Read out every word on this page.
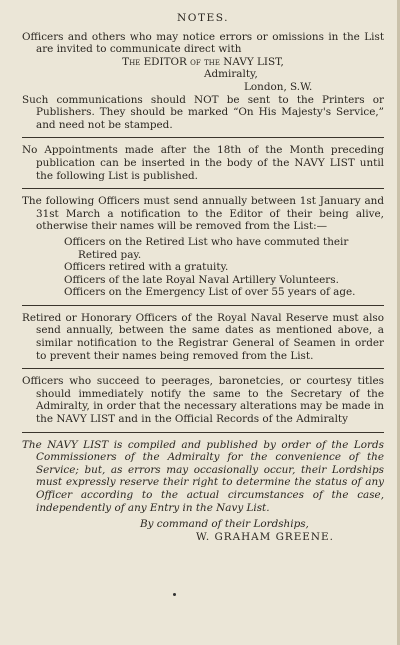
NOTES.

Officers and others who may notice errors or omissions in the List are invited to communicate direct with

The EDITOR of the NAVY LIST,

Admiralty,

London, S.W.

Such communications should NOT be sent to the Printers or Publishers. They should be marked “On His Majesty's Service,” and need not be stamped.

No Appointments made after the 18th of the Month preceding publication can be inserted in the body of the NAVY LIST until the following List is published.

The following Officers must send annually between 1st January and 31st March a notification to the Editor of their being alive, otherwise their names will be removed from the List:—

Officers on the Retired List who have commuted their Retired pay.

Officers retired with a gratuity.

Officers of the late Royal Naval Artillery Volunteers.

Officers on the Emergency List of over 55 years of age.

Retired or Honorary Officers of the Royal Naval Reserve must also send annually, between the same dates as mentioned above, a similar notification to the Registrar General of Seamen in order to prevent their names being removed from the List.

Officers who succeed to peerages, baronetcies, or courtesy titles should immediately notify the same to the Secretary of the Admiralty, in order that the necessary alterations may be made in the NAVY LIST and in the Official Records of the Admiralty

The NAVY LIST is compiled and published by order of the Lords Commissioners of the Admiralty for the convenience of the Service; but, as errors may occasionally occur, their Lordships must expressly reserve their right to determine the status of any Officer according to the actual circumstances of the case, independently of any Entry in the Navy List.

By command of their Lordships,

W. GRAHAM GREENE.
